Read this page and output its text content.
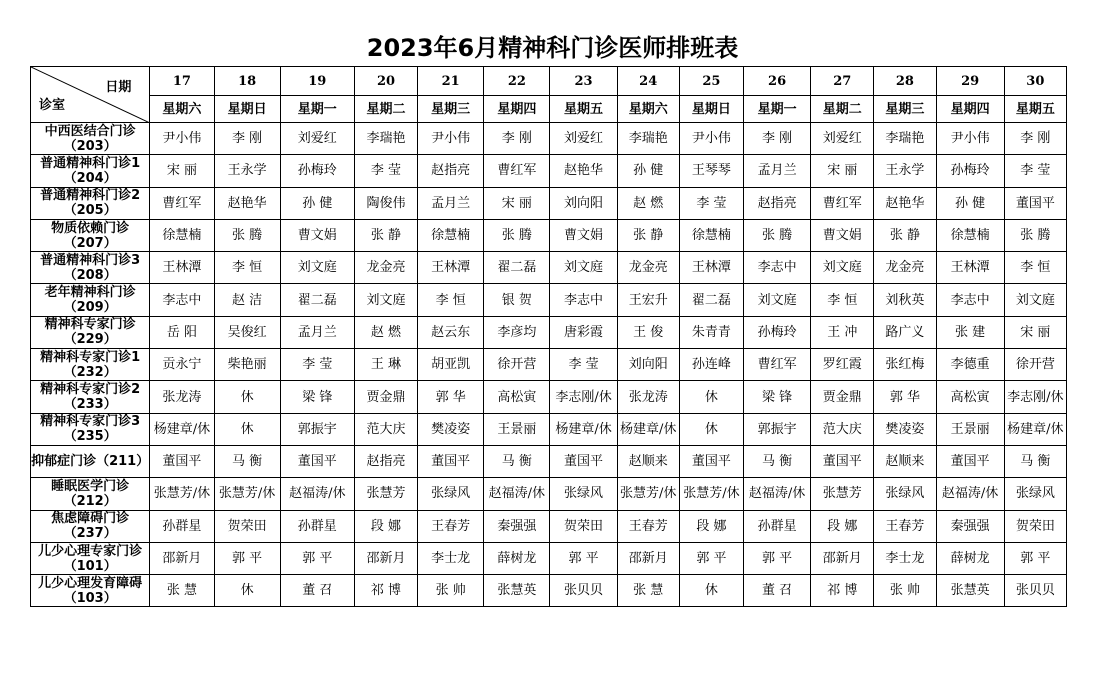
2023年6月精神科门诊医师排班表
日期
诊室	17	18	19	20	21	22	23	24	25	26	27	28	29	30
	星期六	星期日	星期一	星期二	星期三	星期四	星期五	星期六	星期日	星期一	星期二	星期三	星期四	星期五
中西医结合门诊（203）	尹小伟	李 刚	刘爱红	李瑞艳	尹小伟	李 刚	刘爱红	李瑞艳	尹小伟	李 刚	刘爱红	李瑞艳	尹小伟	李 刚
普通精神科门诊1（204）	宋 丽	王永学	孙梅玲	李 莹	赵指亮	曹红军	赵艳华	孙 健	王琴琴	孟月兰	宋 丽	王永学	孙梅玲	李 莹
普通精神科门诊2（205）	曹红军	赵艳华	孙 健	陶俊伟	孟月兰	宋 丽	刘向阳	赵 燃	李 莹	赵指亮	曹红军	赵艳华	孙 健	董国平
物质依赖门诊（207）	徐慧楠	张 腾	曹文娟	张 静	徐慧楠	张 腾	曹文娟	张 静	徐慧楠	张 腾	曹文娟	张 静	徐慧楠	张 腾
普通精神科门诊3（208）	王林潭	李 恒	刘文庭	龙金亮	王林潭	翟二磊	刘文庭	龙金亮	王林潭	李志中	刘文庭	龙金亮	王林潭	李 恒
老年精神科门诊（209）	李志中	赵 洁	翟二磊	刘文庭	李 恒	银 贺	李志中	王宏升	翟二磊	刘文庭	李 恒	刘秋英	李志中	刘文庭
精神科专家门诊（229）	岳 阳	吴俊红	孟月兰	赵 燃	赵云东	李彦均	唐彩霞	王 俊	朱青青	孙梅玲	王 冲	路广义	张 建	宋 丽
精神科专家门诊1（232）	贡永宁	柴艳丽	李 莹	王 琳	胡亚凯	徐开营	李 莹	刘向阳	孙连峰	曹红军	罗红霞	张红梅	李德重	徐开营
精神科专家门诊2（233）	张龙涛	休	梁 锋	贾金鼎	郭 华	高松寅	李志刚/休	张龙涛	休	梁 锋	贾金鼎	郭 华	高松寅	李志刚/休
精神科专家门诊3（235）	杨建章/休	休	郭振宇	范大庆	樊凌姿	王景丽	杨建章/休	杨建章/休	休	郭振宇	范大庆	樊凌姿	王景丽	杨建章/休
抑郁症门诊（211）	董国平	马 衡	董国平	赵指亮	董国平	马 衡	董国平	赵顺来	董国平	马 衡	董国平	赵顺来	董国平	马 衡
睡眠医学门诊（212）	张慧芳/休	张慧芳/休	赵福涛/休	张慧芳	张绿风	赵福涛/休	张绿风	张慧芳/休	张慧芳/休	赵福涛/休	张慧芳	张绿风	赵福涛/休	张绿风
焦虑障碍门诊（237）	孙群星	贺荣田	孙群星	段 娜	王春芳	秦强强	贺荣田	王春芳	段 娜	孙群星	段 娜	王春芳	秦强强	贺荣田
儿少心理专家门诊（101）	邵新月	郭 平	郭 平	邵新月	李士龙	薛树龙	郭 平	邵新月	郭 平	郭 平	邵新月	李士龙	薛树龙	郭 平
儿少心理发育障碍（103）	张 慧	休	董 召	祁 博	张 帅	张慧英	张贝贝	张 慧	休	董 召	祁 博	张 帅	张慧英	张贝贝
